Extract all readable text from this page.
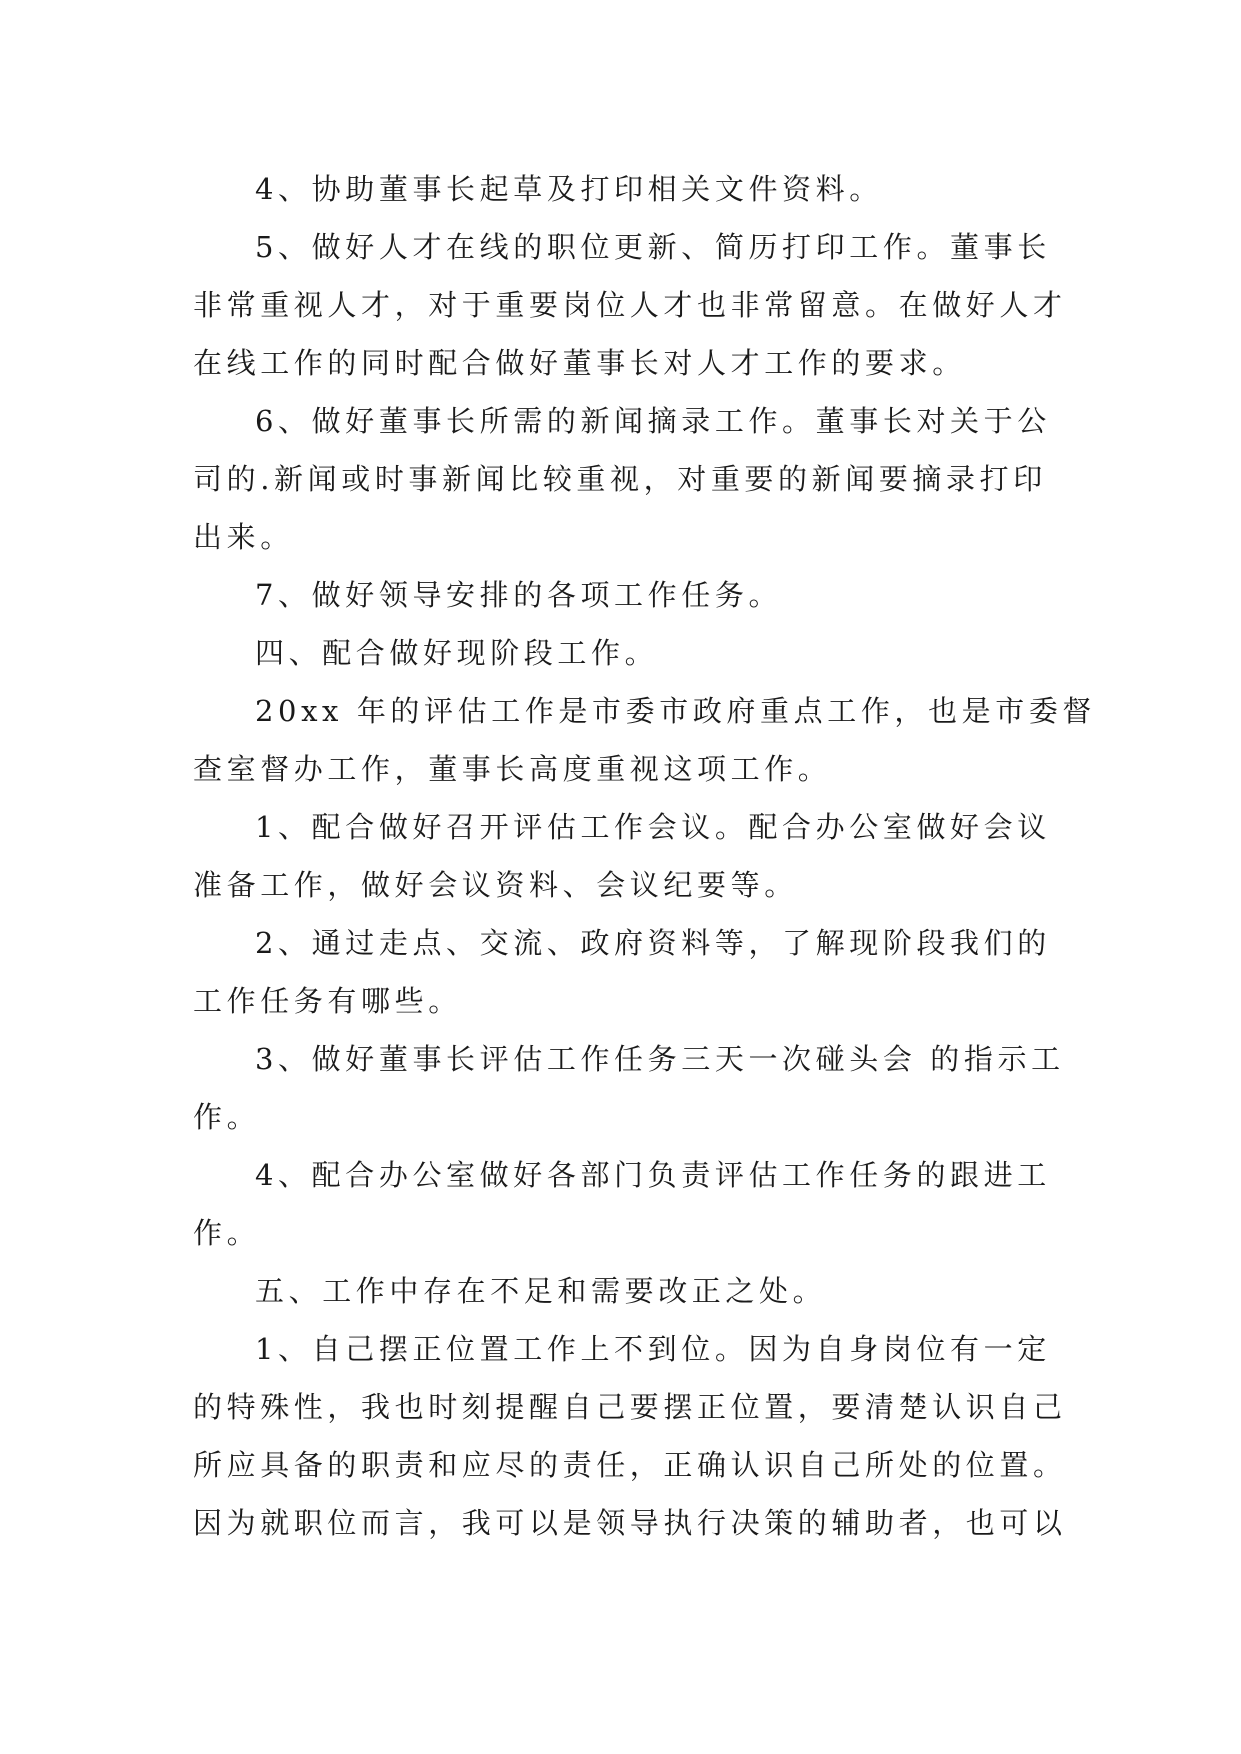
4、协助董事长起草及打印相关文件资料。
5、做好人才在线的职位更新、简历打印工作。董事长
非常重视人才，对于重要岗位人才也非常留意。在做好人才
在线工作的同时配合做好董事长对人才工作的要求。
6、做好董事长所需的新闻摘录工作。董事长对关于公
司的.新闻或时事新闻比较重视，对重要的新闻要摘录打印
出来。
7、做好领导安排的各项工作任务。
四、配合做好现阶段工作。
20xx 年的评估工作是市委市政府重点工作，也是市委督
查室督办工作，董事长高度重视这项工作。
1、配合做好召开评估工作会议。配合办公室做好会议
准备工作，做好会议资料、会议纪要等。
2、通过走点、交流、政府资料等，了解现阶段我们的
工作任务有哪些。
3、做好董事长评估工作任务三天一次碰头会 的指示工
作。
4、配合办公室做好各部门负责评估工作任务的跟进工
作。
五、工作中存在不足和需要改正之处。
1、自己摆正位置工作上不到位。因为自身岗位有一定
的特殊性，我也时刻提醒自己要摆正位置，要清楚认识自己
所应具备的职责和应尽的责任，正确认识自己所处的位置。
因为就职位而言，我可以是领导执行决策的辅助者，也可以
